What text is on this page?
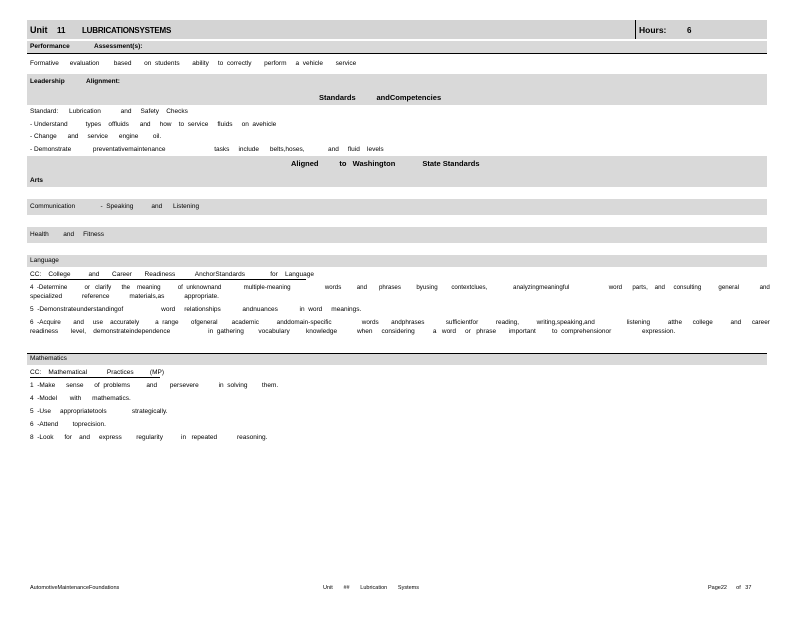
Unit 11 LUBRICATIONSYSTEMS	Hours:	6
Performance	Assessment(s):
Formative      evaluation        based       on  students       ability     to  correctly       perform     a  vehicle       service
Leadership	Alignment:
Standards          andCompetencies
Standard:      Lubrication           and     Safety    Checks
- Understand          types    offluids      and     how    to  service     fluids     on  avehicle
- Change      and     service      engine        oil.
- Demonstrate            preventativemaintenance                           tasks     include      belts,hoses,             and     fluid    levels
Aligned          to   Washington             State Standards
Arts
Communication              -  Speaking          and      Listening
Health        and     Fitness
Language
CC:    College          and       Career       Readiness           AnchorStandards              for    Language
4  -Determine          or   clarify      the    meaning          of  unknownand             multiple-meaning                    words         and       phrases         byusing        contextclues,               analyzingmeaningful                       word      parts,    and     consulting          general            and
specialized           reference           materials,as           appropriate.
5  -Demonstrateunderstandingof                     word     relationships            andnuances            in  word     meanings.
6  -Acquire       and     use    accurately         a  range       ofgeneral        academic          anddomain-specific                 words       andphrases            sufficientfor          reading,          writing,speaking,and                  listening          atthe      college          and      career
readiness       level,    demonstrateindependence                     in  gathering        vocabulary         knowledge           when     considering          a   word     or   phrase       important         to  comprehensionor                 expression.
Mathematics
CC:    Mathematical           Practices         (MP)
1  -Make      sense      of  problems         and       persevere           in  solving        them.
4  -Model       with      mathematics.
5  -Use     appropriatetools              strategically.
6  -Attend        toprecision.
8  -Look      for    and     express        regularity          in   repeated           reasoning.
AutomotiveMaintenanceFoundations	Unit       ##       Lubrication       Systems	Page22      of   37
